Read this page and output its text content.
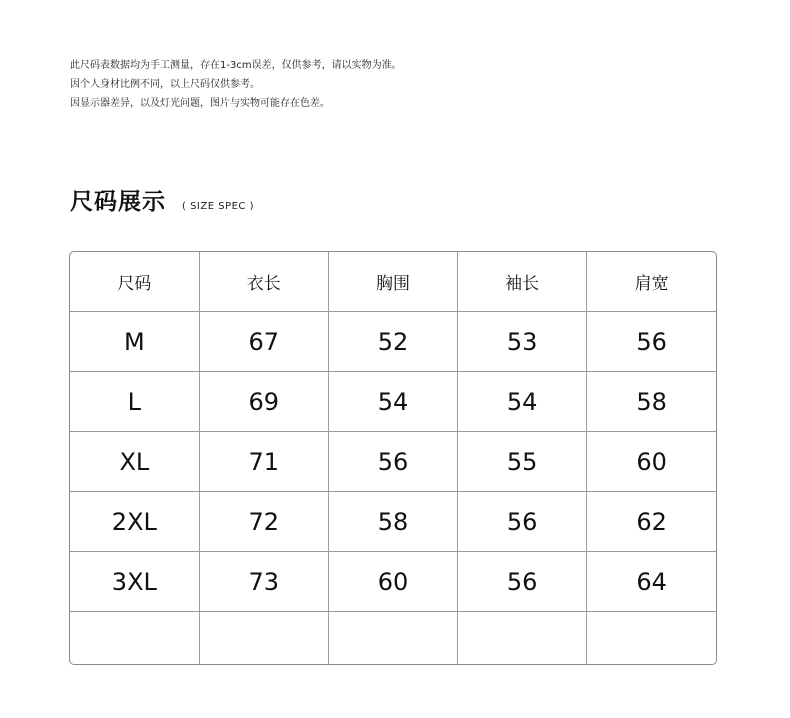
此尺码表数据均为手工测量，存在1-3cm误差，仅供参考，请以实物为准。
因个人身材比例不同，以上尺码仅供参考。
因显示器差异，以及灯光问题，图片与实物可能存在色差。
尺码展示 ( SIZE SPEC )
尺码	衣长	胸围	袖长	肩宽
M	67	52	53	56
L	69	54	54	58
XL	71	56	55	60
2XL	72	58	56	62
3XL	73	60	56	64
